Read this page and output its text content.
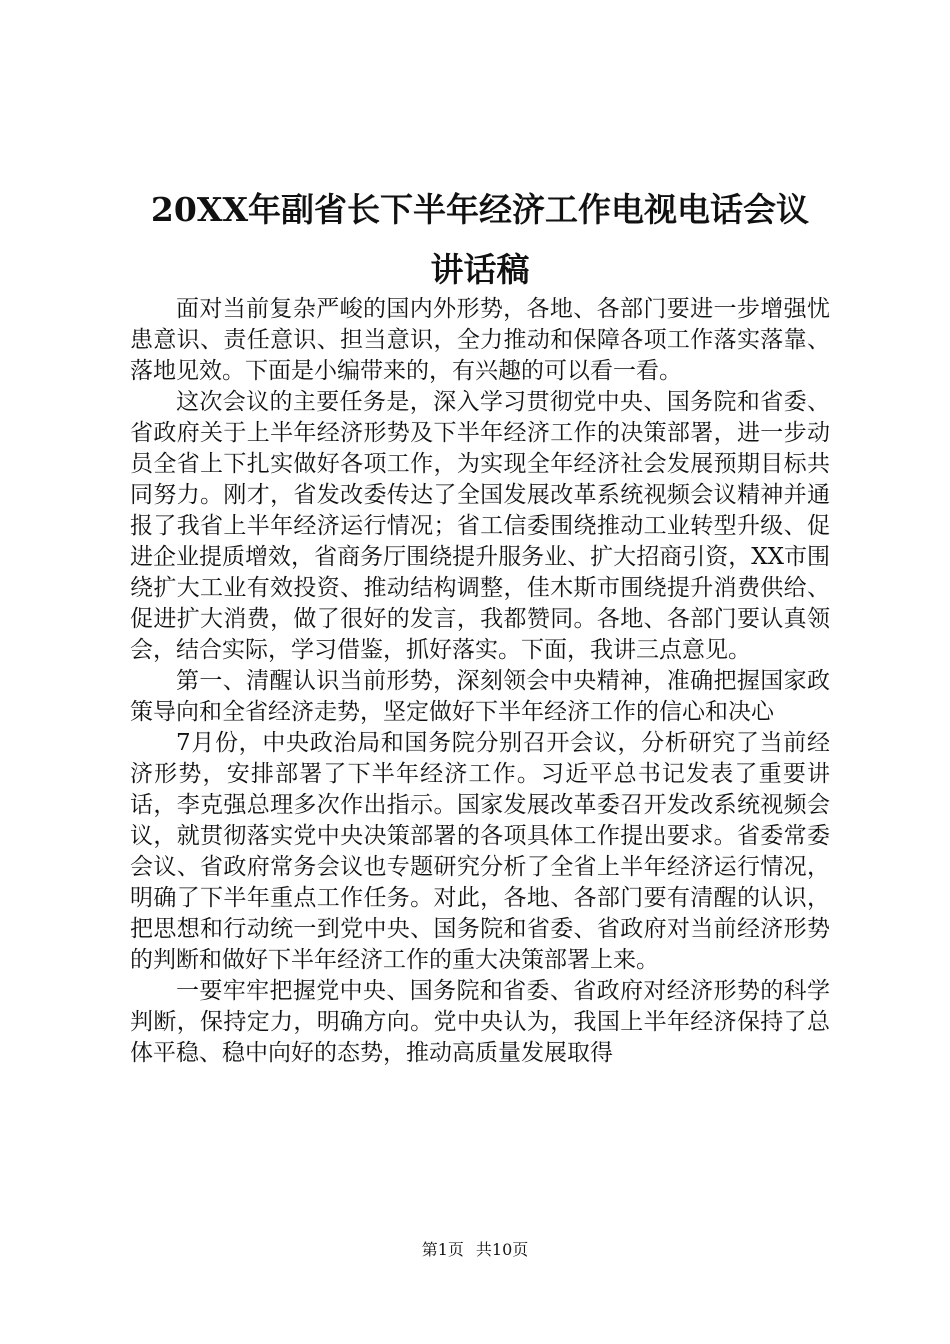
20XX年副省长下半年经济工作电视电话会议
讲话稿

面对当前复杂严峻的国内外形势，各地、各部门要进一步增强忧患意识、责任意识、担当意识，全力推动和保障各项工作落实落靠、落地见效。下面是小编带来的，有兴趣的可以看一看。

这次会议的主要任务是，深入学习贯彻党中央、国务院和省委、省政府关于上半年经济形势及下半年经济工作的决策部署，进一步动员全省上下扎实做好各项工作，为实现全年经济社会发展预期目标共同努力。刚才，省发改委传达了全国发展改革系统视频会议精神并通报了我省上半年经济运行情况；省工信委围绕推动工业转型升级、促进企业提质增效，省商务厅围绕提升服务业、扩大招商引资，XX市围绕扩大工业有效投资、推动结构调整，佳木斯市围绕提升消费供给、促进扩大消费，做了很好的发言，我都赞同。各地、各部门要认真领会，结合实际，学习借鉴，抓好落实。下面，我讲三点意见。

第一、清醒认识当前形势，深刻领会中央精神，准确把握国家政策导向和全省经济走势，坚定做好下半年经济工作的信心和决心

7月份，中央政治局和国务院分别召开会议，分析研究了当前经济形势，安排部署了下半年经济工作。习近平总书记发表了重要讲话，李克强总理多次作出指示。国家发展改革委召开发改系统视频会议，就贯彻落实党中央决策部署的各项具体工作提出要求。省委常委会议、省政府常务会议也专题研究分析了全省上半年经济运行情况，明确了下半年重点工作任务。对此，各地、各部门要有清醒的认识，把思想和行动统一到党中央、国务院和省委、省政府对当前经济形势的判断和做好下半年经济工作的重大决策部署上来。

一要牢牢把握党中央、国务院和省委、省政府对经济形势的科学判断，保持定力，明确方向。党中央认为，我国上半年经济保持了总体平稳、稳中向好的态势，推动高质量发展取得

第1页 共10页
